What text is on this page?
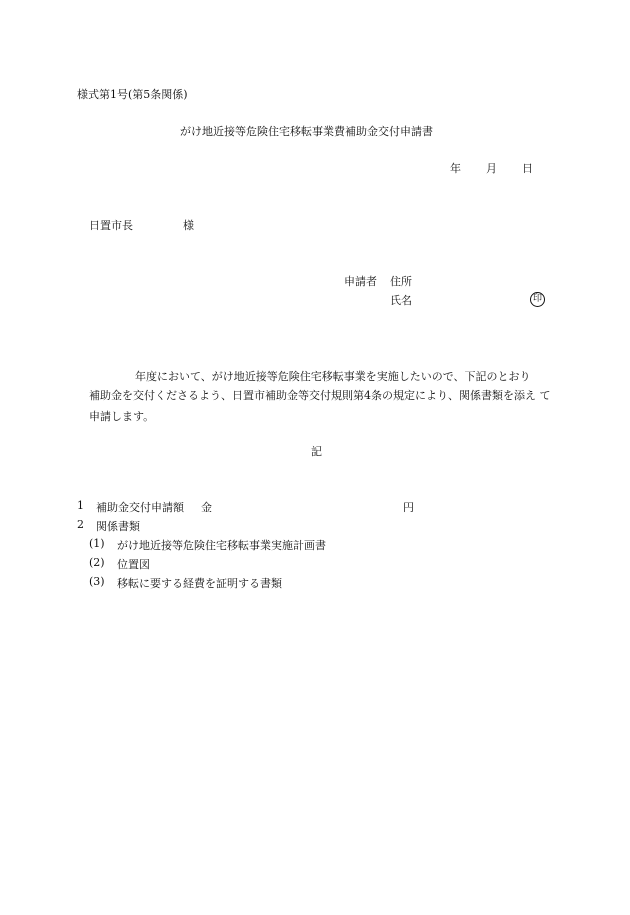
様式第1号(第5条関係)
がけ地近接等危険住宅移転事業費補助金交付申請書
年 月 日
日置市長	様
申請者 住所
氏名	印
年度において、がけ地近接等危険住宅移転事業を実施したいので、下記のとおり
補助金を交付くださるよう、日置市補助金等交付規則第4条の規定により、関係書類を添え て申請します。
記
1 補助金交付申請額 金	円
2 関係書類
(1) がけ地近接等危険住宅移転事業実施計画書
(2) 位置図
(3) 移転に要する経費を証明する書類
